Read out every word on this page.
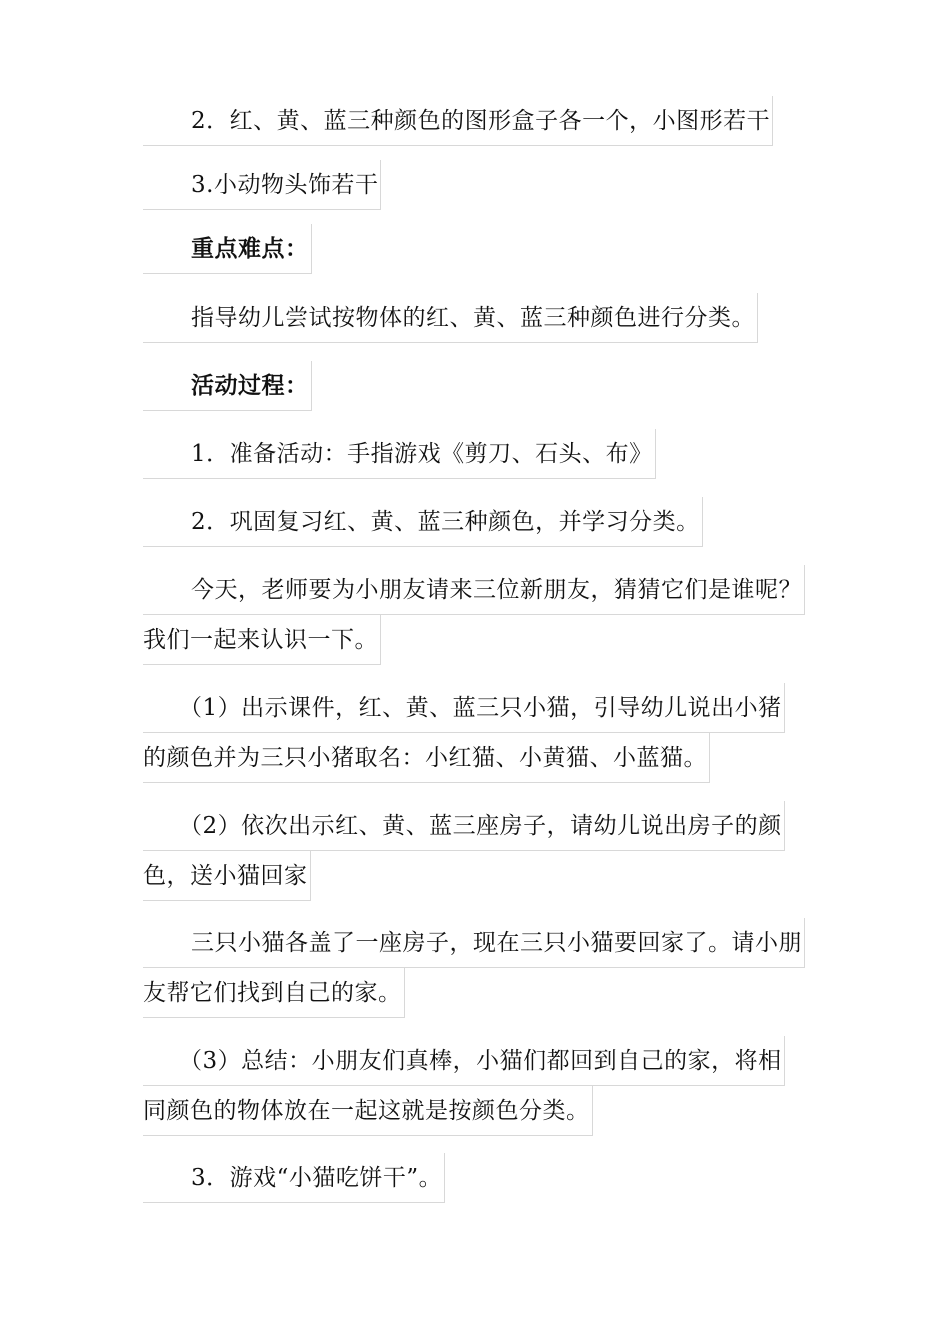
2．红、黄、蓝三种颜色的图形盒子各一个，小图形若干
3.小动物头饰若干
重点难点：
指导幼儿尝试按物体的红、黄、蓝三种颜色进行分类。
活动过程：
1．准备活动：手指游戏《剪刀、石头、布》
2．巩固复习红、黄、蓝三种颜色，并学习分类。
今天，老师要为小朋友请来三位新朋友，猜猜它们是谁呢？
我们一起来认识一下。
（1）出示课件，红、黄、蓝三只小猫，引导幼儿说出小猪
的颜色并为三只小猪取名：小红猫、小黄猫、小蓝猫。
（2）依次出示红、黄、蓝三座房子，请幼儿说出房子的颜
色，送小猫回家
三只小猫各盖了一座房子，现在三只小猫要回家了。请小朋
友帮它们找到自己的家。
（3）总结：小朋友们真棒，小猫们都回到自己的家，将相
同颜色的物体放在一起这就是按颜色分类。
3．游戏“小猫吃饼干”。
